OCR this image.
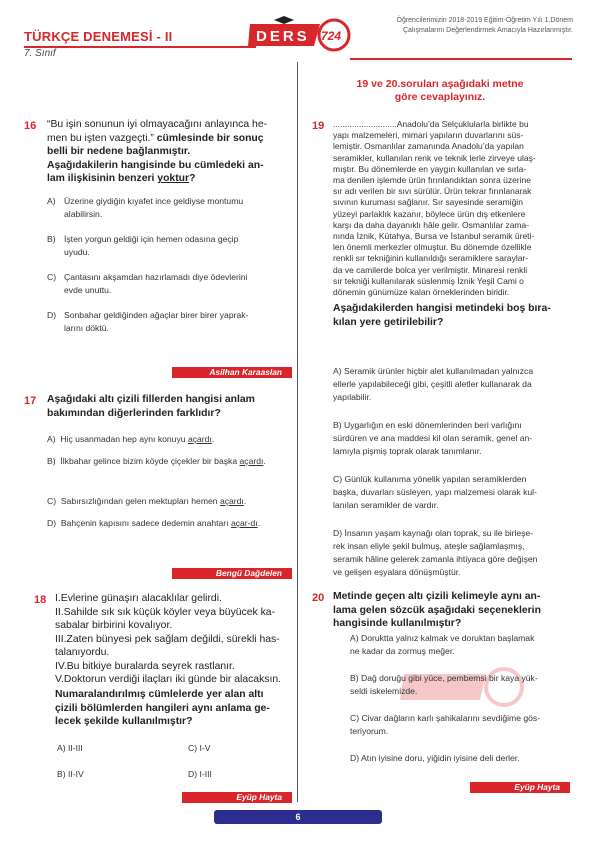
TÜRKÇE DENEMESİ - II
7. Sınıf
DERS 724
Öğrencilerimizin 2018-2019 Eğitim-Öğretim Yılı 1.Dönem
Çalışmalarını Değerlendirmek Amacıyla Hazırlanmıştır.
16 “Bu işin sonunun iyi olmayacağını anlayınca he-
men bu işten vazgeçti.” cümlesinde bir sonuç
belli bir nedene bağlanmıştır.
Aşağıdakilerin hangisinde bu cümledeki an-
lam ilişkisinin benzeri yoktur?
A) Üzerine giydiğin kıyafet ince geldiyse montumu
alabilirsin.
B) İşten yorgun geldiği için hemen odasına geçip
uyudu.
C) Çantasını akşamdan hazırlamadı diye ödevlerini
evde unuttu.
D) Sonbahar geldiğinden ağaçlar birer birer yaprak-
larını döktü.
Asilhan Karaaslan
17 Aşağıdaki altı çizili fillerden hangisi anlam
bakımından diğerlerinden farklıdır?
A) Hiç usanmadan hep aynı konuyu açardı.
B) İlkbahar gelince bizim köyde çiçekler bir başka açardı.
C) Sabırsızlığından gelen mektupları hemen açardı.
D) Bahçenin kapısını sadece dedemin anahtarı açar-dı.
Bengü Dağdelen
18 I.Evlerine günaşırı alacaklılar gelirdi.
II.Sahilde sık sık küçük köyler veya büyücek ka-
sabalar birbirini kovalıyor.
III.Zaten bünyesi pek sağlam değildi, sürekli has-
talanıyordu.
IV.Bu bitkiye buralarda seyrek rastlanır.
V.Doktorun verdiği ilaçları iki günde bir alacaksın.
Numaralandırılmış cümlelerde yer alan altı
çizili bölümlerden hangileri aynı anlama ge-
lecek şekilde kullanılmıştır?
A) II-III	C) I-V
B) II-IV	D) I-III
Eyüp Hayta
19 ve 20.soruları aşağıdaki metne
göre cevaplayınız.
19 ...........................Anadolu’da Selçuklularla birlikte bu
yapı malzemeleri, mimari yapıların duvarlarını süs-
lemiştir. Osmanlılar zamanında Anadolu’da yapılan
seramikler, kullanılan renk ve teknik lerle zirveye ulaş-
mıştır. Bu dönemlerde en yaygın kullanılan ve sırla-
ma denilen işlemde ürün fırınlandıktan sonra üzerine
sır adı verilen bir sıvı sürülür. Ürün tekrar fırınlanarak
sıvının kuruması sağlanır. Sır sayesinde seramiğin
yüzeyi parlaklık kazanır, böylece ürün dış etkenlere
karşı da daha dayanıklı hâle gelir. Osmanlılar zama-
nında İznik, Kütahya, Bursa ve İstanbul seramik üreti-
len önemli merkezler olmuştur. Bu dönemde özellikle
renkli sır tekniğinin kullanıldığı seramiklere saraylar-
da ve camilerde bolca yer verilmiştir. Minaresi renkli
sır tekniği kullanılarak süslenmiş İznik Yeşil Cami o
dönemin günümüze kalan örneklerinden biridir.
Aşağıdakilerden hangisi metindeki boş bıra-
kılan yere getirilebilir?
A) Seramik ürünler hiçbir alet kullanılmadan yalnızca
ellerle yapılabileceği gibi, çeşitli aletler kullanarak da
yapılabilir.
B) Uygarlığın en eski dönemlerinden beri varlığını
sürdüren ve ana maddesi kil olan seramik, genel an-
lamıyla pişmiş toprak olarak tanımlanır.
C) Günlük kullanıma yönelik yapılan seramiklerden
başka, duvarları süsleyen, yapı malzemesi olarak kul-
lanılan seramikler de vardır.
D) İnsanın yaşam kaynağı olan toprak, su ile birleşe-
rek insan eliyle şekil bulmuş, ateşle sağlamlaşmış,
seramik hâline gelerek zamanla ihtiyaca göre değişen
ve gelişen eşyalara dönüşmüştür.
20 Metinde geçen altı çizili kelimeyle aynı an-
lama gelen sözcük aşağıdaki seçeneklerin
hangisinde kullanılmıştır?
A) Doruktta yalnız kalmak ve doruktan başlamak
ne kadar da zormuş meğer.
B) Dağ doruğu gibi yüce, pembemsi bir kaya yük-
seldi iskelemizde.
C) Civar dağların karlı şahikalarını sevdiğime gös-
teriyorum.
D) Atın iyisine doru, yiğidin iyisine deli derler.
Eyüp Hayta
6
